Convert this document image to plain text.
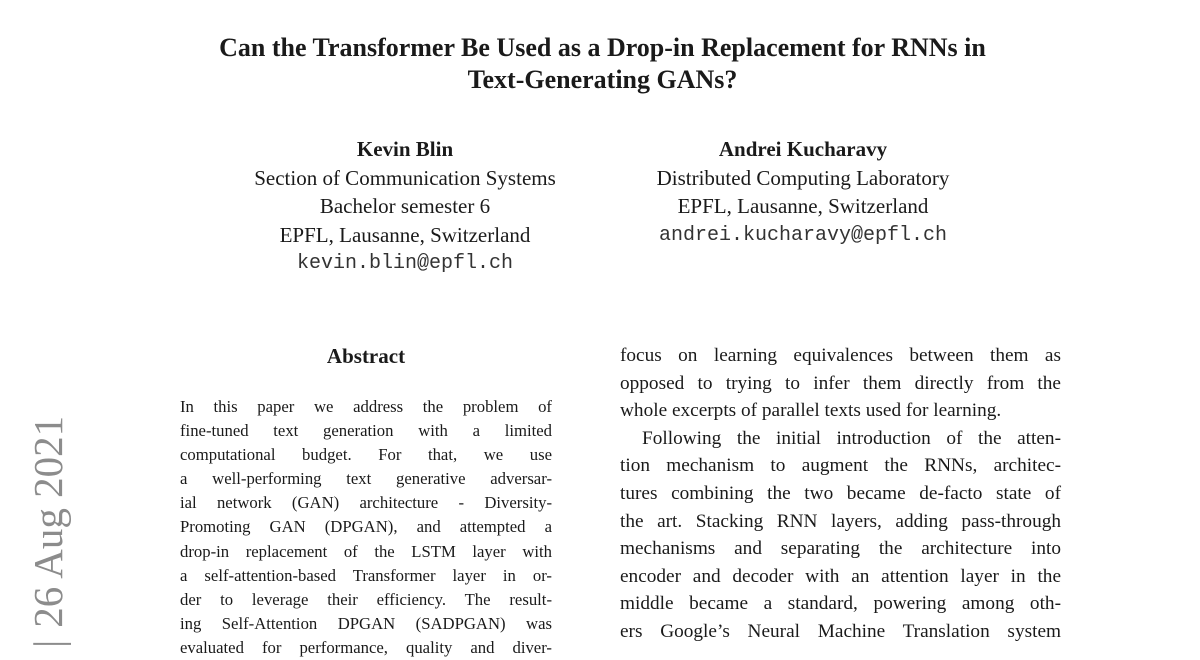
Can the Transformer Be Used as a Drop-in Replacement for RNNs in
Text-Generating GANs?
Kevin Blin
Section of Communication Systems
Bachelor semester 6
EPFL, Lausanne, Switzerland
kevin.blin@epfl.ch
Andrei Kucharavy
Distributed Computing Laboratory
EPFL, Lausanne, Switzerland
andrei.kucharavy@epfl.ch
Abstract
In this paper we address the problem of
fine-tuned text generation with a limited
computational budget. For that, we use
a well-performing text generative adversar-
ial network (GAN) architecture - Diversity-
Promoting GAN (DPGAN), and attempted a
drop-in replacement of the LSTM layer with
a self-attention-based Transformer layer in or-
der to leverage their efficiency. The result-
ing Self-Attention DPGAN (SADPGAN) was
evaluated for performance, quality and diver-
focus on learning equivalences between them as
opposed to trying to infer them directly from the
whole excerpts of parallel texts used for learning.
Following the initial introduction of the atten-
tion mechanism to augment the RNNs, architec-
tures combining the two became de-facto state of
the art. Stacking RNN layers, adding pass-through
mechanisms and separating the architecture into
encoder and decoder with an attention layer in the
middle became a standard, powering among oth-
ers Google’s Neural Machine Translation system
|26 Aug 2021
